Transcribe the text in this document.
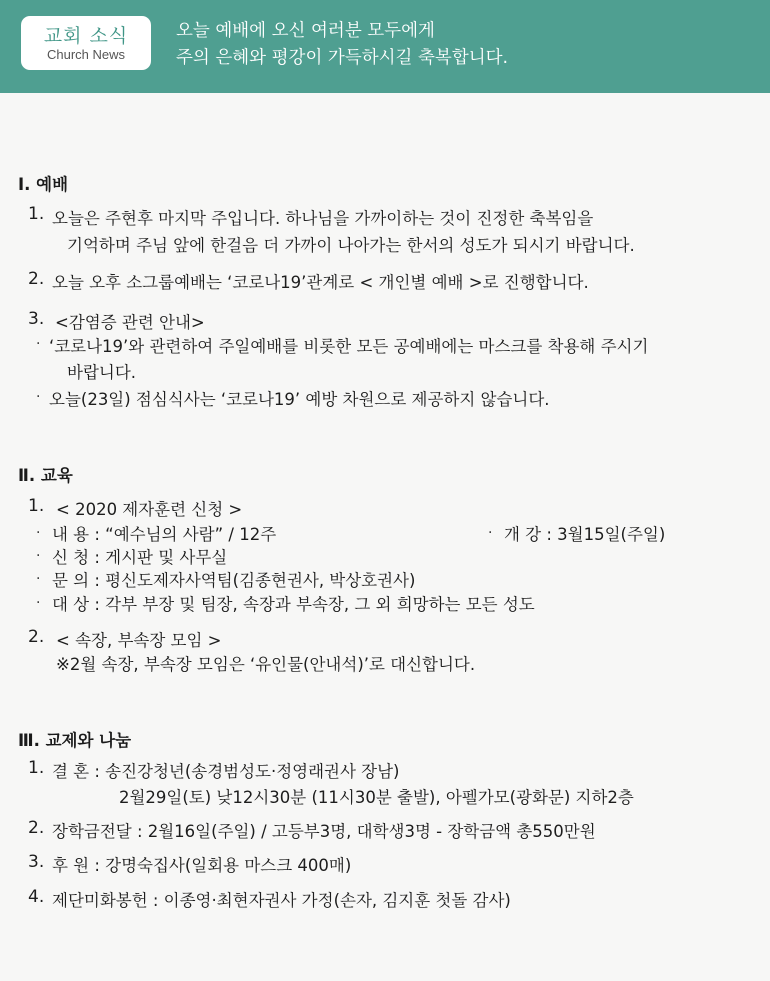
교회 소식
Church News
오늘 예배에 오신 여러분 모두에게
주의 은혜와 평강이 가득하시길 축복합니다.
Ⅰ. 예배
1. 오늘은 주현후 마지막 주입니다. 하나님을 가까이하는 것이 진정한 축복임을
기억하며 주님 앞에 한걸음 더 가까이 나아가는 한서의 성도가 되시기 바랍니다.
2. 오늘 오후 소그룹예배는 ‘코로나19’관계로 < 개인별 예배 >로 진행합니다.
3. <감염증 관련 안내>
· ‘코로나19’와 관련하여 주일예배를 비롯한 모든 공예배에는 마스크를 착용해 주시기
바랍니다.
· 오늘(23일) 점심식사는 ‘코로나19’ 예방 차원으로 제공하지 않습니다.
Ⅱ. 교육
1. < 2020 제자훈련 신청 >
· 내 용 : “예수님의 사람” / 12주	· 개 강 : 3월15일(주일)
· 신 청 : 게시판 및 사무실
· 문 의 : 평신도제자사역팀(김종현권사, 박상호권사)
· 대 상 : 각부 부장 및 팀장, 속장과 부속장, 그 외 희망하는 모든 성도
2. < 속장, 부속장 모임 >
※2월 속장, 부속장 모임은 ‘유인물(안내석)’로 대신합니다.
Ⅲ. 교제와 나눔
1. 결 혼 : 송진강청년(송경범성도·정영래권사 장남)
2월29일(토) 낮12시30분 (11시30분 출발), 아펠가모(광화문) 지하2층
2. 장학금전달 : 2월16일(주일) / 고등부3명, 대학생3명 - 장학금액 총550만원
3. 후 원 : 강명숙집사(일회용 마스크 400매)
4. 제단미화봉헌 : 이종영·최현자권사 가정(손자, 김지훈 첫돌 감사)
